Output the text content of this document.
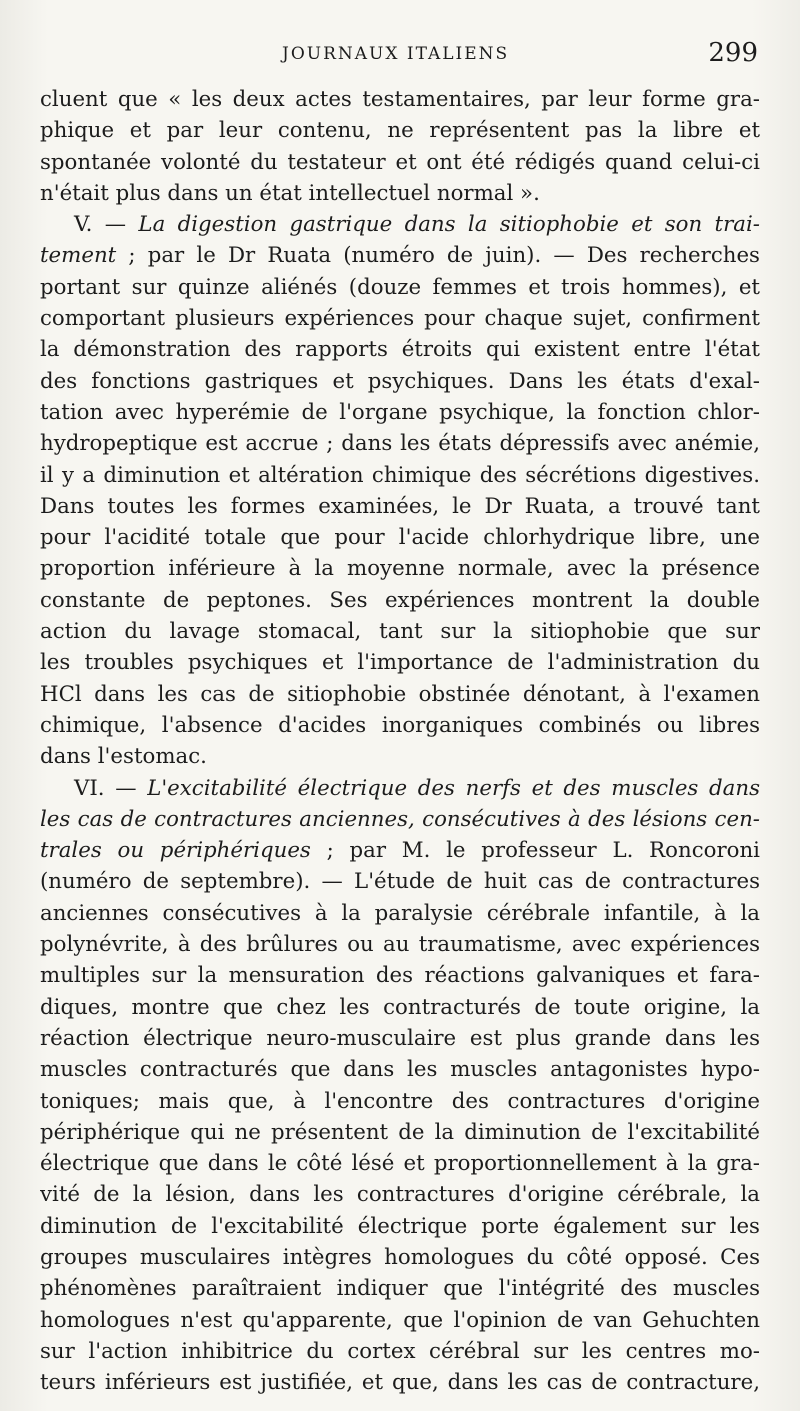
JOURNAUX ITALIENS	299
cluent que « les deux actes testamentaires, par leur forme gra-
phique et par leur contenu, ne représentent pas la libre et
spontanée volonté du testateur et ont été rédigés quand celui-ci
n'était plus dans un état intellectuel normal ».
V. — La digestion gastrique dans la sitiophobie et son trai-
tement ; par le Dr Ruata (numéro de juin). — Des recherches
portant sur quinze aliénés (douze femmes et trois hommes), et
comportant plusieurs expériences pour chaque sujet, confirment
la démonstration des rapports étroits qui existent entre l'état
des fonctions gastriques et psychiques. Dans les états d'exal-
tation avec hyperémie de l'organe psychique, la fonction chlor-
hydropeptique est accrue ; dans les états dépressifs avec anémie,
il y a diminution et altération chimique des sécrétions digestives.
Dans toutes les formes examinées, le Dr Ruata, a trouvé tant
pour l'acidité totale que pour l'acide chlorhydrique libre, une
proportion inférieure à la moyenne normale, avec la présence
constante de peptones. Ses expériences montrent la double
action du lavage stomacal, tant sur la sitiophobie que sur
les troubles psychiques et l'importance de l'administration du
HCl dans les cas de sitiophobie obstinée dénotant, à l'examen
chimique, l'absence d'acides inorganiques combinés ou libres
dans l'estomac.
VI. — L'excitabilité électrique des nerfs et des muscles dans
les cas de contractures anciennes, consécutives à des lésions cen-
trales ou périphériques ; par M. le professeur L. Roncoroni
(numéro de septembre). — L'étude de huit cas de contractures
anciennes consécutives à la paralysie cérébrale infantile, à la
polynévrite, à des brûlures ou au traumatisme, avec expériences
multiples sur la mensuration des réactions galvaniques et fara-
diques, montre que chez les contracturés de toute origine, la
réaction électrique neuro-musculaire est plus grande dans les
muscles contracturés que dans les muscles antagonistes hypo-
toniques; mais que, à l'encontre des contractures d'origine
périphérique qui ne présentent de la diminution de l'excitabilité
électrique que dans le côté lésé et proportionnellement à la gra-
vité de la lésion, dans les contractures d'origine cérébrale, la
diminution de l'excitabilité électrique porte également sur les
groupes musculaires intègres homologues du côté opposé. Ces
phénomènes paraîtraient indiquer que l'intégrité des muscles
homologues n'est qu'apparente, que l'opinion de van Gehuchten
sur l'action inhibitrice du cortex cérébral sur les centres mo-
teurs inférieurs est justifiée, et que, dans les cas de contracture,
